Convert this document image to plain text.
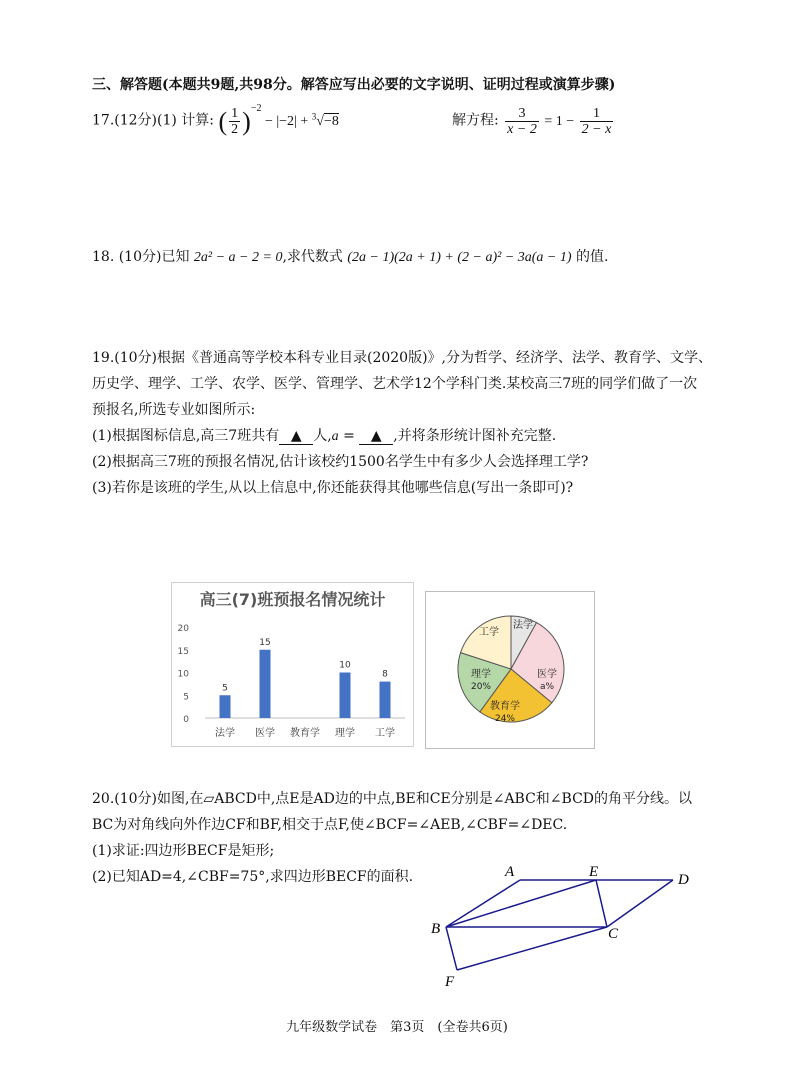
三、解答题(本题共9题,共98分。解答应写出必要的文字说明、证明过程或演算步骤)
17.(12分)(1) 计算: ( $\frac{1}{2} )^{-2} - |-2| + ^3√-8$	解方程: $\frac{3}{x - 2} = 1 - \frac{1}{2 - x}$
18. (10分)已知 2a² − a − 2 = 0,求代数式 (2a − 1)(2a + 1) + (2 − a)² − 3a(a − 1) 的值.
19.(10分)根据《普通高等学校本科专业目录(2020版)》,分为哲学、经济学、法学、教育学、文学、
历史学、理学、工学、农学、医学、管理学、艺术学12个学科门类.某校高三7班的同学们做了一次
预报名,所选专业如图所示:
(1)根据图标信息,高三7班共有 ▲ 人,a = ▲ ,并将条形统计图补充完整.
(2)根据高三7班的预报名情况,估计该校约1500名学生中有多少人会选择理工学?
(3)若你是该班的学生,从以上信息中,你还能获得其他哪些信息(写出一条即可)?
高三(7)班预报名情况统计
0
5
10
15
20
5
法学
15
医学 教育学
10
理学
8
工学
法学
医学
a%
教育学
24%
理学
20%
工学
20.(10分)如图,在▱ABCD中,点E是AD边的中点,BE和CE分别是∠ABC和∠BCD的角平分线。以
BC为对角线向外作边CF和BF,相交于点F,使∠BCF=∠AEB,∠CBF=∠DEC.
(1)求证:四边形BECF是矩形;
(2)已知AD=4,∠CBF=75°,求四边形BECF的面积.	A	E	D
B	C
F
九年级数学试卷　第3页　(全卷共6页)
